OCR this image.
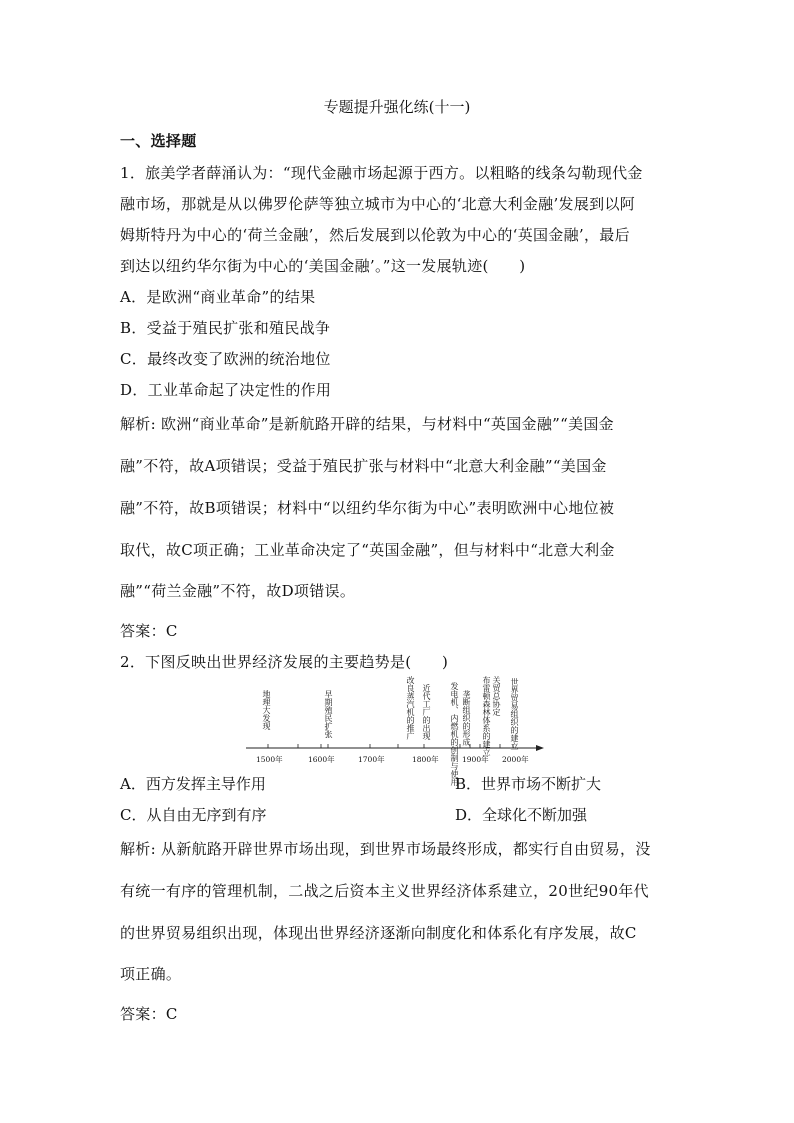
专题提升强化练(十一)
一、选择题
1．旅美学者薛涌认为：“现代金融市场起源于西方。以粗略的线条勾勒现代金
融市场，那就是从以佛罗伦萨等独立城市为中心的‘北意大利金融’发展到以阿
姆斯特丹为中心的‘荷兰金融’，然后发展到以伦敦为中心的‘英国金融’，最后
到达以纽约华尔街为中心的‘美国金融’。”这一发展轨迹(　　)
A．是欧洲“商业革命”的结果
B．受益于殖民扩张和殖民战争
C．最终改变了欧洲的统治地位
D．工业革命起了决定性的作用
解析: 欧洲“商业革命”是新航路开辟的结果，与材料中“英国金融”“美国金
融”不符，故A项错误；受益于殖民扩张与材料中“北意大利金融”“美国金
融”不符，故B项错误；材料中“以纽约华尔街为中心”表明欧洲中心地位被
取代，故C项正确；工业革命决定了“英国金融”，但与材料中“北意大利金
融”“荷兰金融”不符，故D项错误。
答案：C
2．下图反映出世界经济发展的主要趋势是(　　)
1500年	1600年	1700年	1800年	1900年 2000年
地理大发现	早期殖民扩张	改良蒸汽机的推广 近代工厂的出现 发电机、内燃机的创制与使用 垄断组织的形成 布雷顿森林体系的建立 关贸总协定 世界贸易组织的建立
A．西方发挥主导作用	B．世界市场不断扩大
C．从自由无序到有序	D．全球化不断加强
解析: 从新航路开辟世界市场出现，到世界市场最终形成，都实行自由贸易，没
有统一有序的管理机制，二战之后资本主义世界经济体系建立，20世纪90年代
的世界贸易组织出现，体现出世界经济逐渐向制度化和体系化有序发展，故C
项正确。
答案：C
